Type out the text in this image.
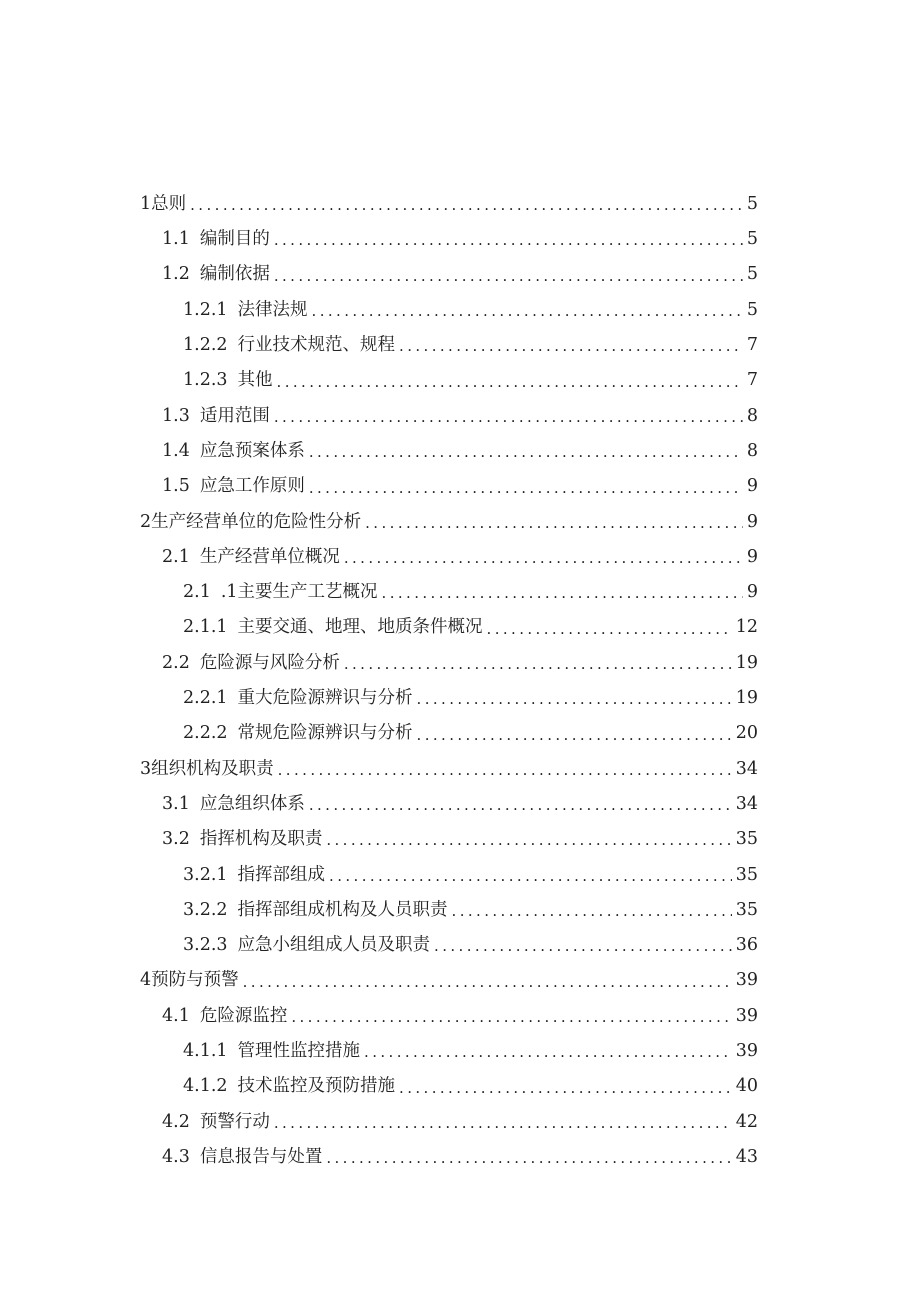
1总则 .....	5
1.1 编制目的 .....	5
1.2 编制依据 .....	5
1.2.1 法律法规 .....	5
1.2.2 行业技术规范、规程 .....	7
1.2.3 其他 .....	7
1.3 适用范围 .....	8
1.4 应急预案体系 .....	8
1.5 应急工作原则 .....	9
2生产经营单位的危险性分析 .....	9
2.1 生产经营单位概况 .....	9
2.1 .1主要生产工艺概况 .....	9
2.1.1 主要交通、地理、地质条件概况 .....	12
2.2 危险源与风险分析 .....	19
2.2.1 重大危险源辨识与分析 .....	19
2.2.2 常规危险源辨识与分析 .....	20
3组织机构及职责 .....	34
3.1 应急组织体系 .....	34
3.2 指挥机构及职责 .....	35
3.2.1 指挥部组成 .....	35
3.2.2 指挥部组成机构及人员职责 .....	35
3.2.3 应急小组组成人员及职责 .....	36
4预防与预警 .....	39
4.1 危险源监控 .....	39
4.1.1 管理性监控措施 .....	39
4.1.2 技术监控及预防措施 .....	40
4.2 预警行动 .....	42
4.3 信息报告与处置 .....	43
